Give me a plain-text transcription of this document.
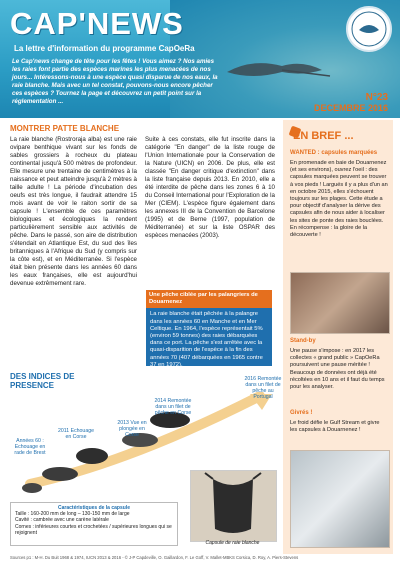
CAP'NEWS
La lettre d'information du programme CapOeRa
Le Cap'news change de tête pour les fêtes ! Vous aimez ? Nos amies les raies font partie des espèces marines les plus menacées de nos jours... Intéressons-nous à une espèce quasi disparue de nos eaux, la raie blanche. Mais avec un tel constat, pouvons-nous encore pêcher ces espèces ? Tournez la page et découvrez un petit point sur la réglementation ...	N°23
DECEMBRE 2016
MONTRER PATTE BLANCHE
La raie blanche (Rostroraja alba) est une raie ovipare benthique vivant sur les fonds de sables grossiers à rocheux du plateau continental jusqu'à 500 mètres de profondeur. Elle mesure une trentaine de centimètres à la naissance et peut atteindre jusqu'à 2 mètres à taille adulte ! La période d'incubation des oeufs est très longue, il faudrait attendre 15 mois avant de voir le raiton sortir de sa capsule ! L'ensemble de ces paramètres biologiques et écologiques la rendent particulièrement sensible aux activités de pêche. Dans le passé, son aire de distribution s'étendait en Atlantique Est, du sud des îles britanniques à l'Afrique du Sud (y compris sur la côte est), et en Méditerranée. Si l'espèce était bien présente dans les années 60 dans les eaux françaises, elle est aujourd'hui devenue extrêmement rare.
Suite à ces constats, elle fut inscrite dans la catégorie "En danger" de la liste rouge de l'Union Internationale pour la Conservation de la Nature (UICN) en 2006. De plus, elle est classée "En danger critique d'extinction" dans la liste française depuis 2013. En 2010, elle a été interdite de pêche dans les zones 6 à 10 du Conseil International pour l'Exploration de la Mer (CIEM). L'espèce figure également dans les annexes III de la Convention de Barcelone (1995) et de Berne (1997, population de Méditerranée) et sur la liste OSPAR des espèces menacées (2003).
Une pêche ciblée par les palangriers de Douarnenez
La raie blanche était pêchée à la palangre dans les années 60 en Manche et en Mer Celtique. En 1964, l'espèce représentait 5% (environ 59 tonnes) des raies débarquées dans ce port. La pêche s'est arrêtée avec la quasi-disparition de l'espèce à la fin des années 70 (407 débarquées en 1965 contre 37 en 1972).
DES INDICES DE
PRESENCE
Années 60 : Echouage en rade de Brest
2011 Echouage en Corse
2013 Vue en plongée en Corse
2014 Remontée dans un filet de pêche en Corse
2016 Remontée dans un filet de pêche au Portugal
Caractéristiques de la capsule
Taille : 160-200 mm de long – 130-150 mm de large
Cavité : cambrée avec une carène latérale
Cornes : inférieures courtes et crochetées / supérieures longues qui se rejoignent
Capsule de raie blanche
Sources p1 : M-H. Du Buit 1968 & 1974, IUCN 2013 & 2016 - © J-P Capdeville, O. Gaillardon, F. Le Goff, V. Mallet-MBKS Corsica, D. Roy, A. Piers-Stevens
EN BREF ...
WANTED : capsules marquées
En promenade en baie de Douarnenez (et ses environs), ouvrez l'oeil : des capsules marquées peuvent se trouver à vos pieds ! Largués il y a plus d'un an en octobre 2015, elles s'échouent toujours sur les plages. Cette étude a pour objectif d'analyser la dérive des capsules afin de nous aider à localiser les sites de ponte des raies bouclées. En récompense : la gloire de la découverte !
Stand-by
Une pause s'impose : en 2017 les collectes « grand public » CapOeRa poursuivent une pause méritée ! Beaucoup de données ont déjà été récoltées en 10 ans et il faut du temps pour les analyser.
Givrés !
Le froid défie le Gulf Stream et givre les capsules à Douarnenez !
